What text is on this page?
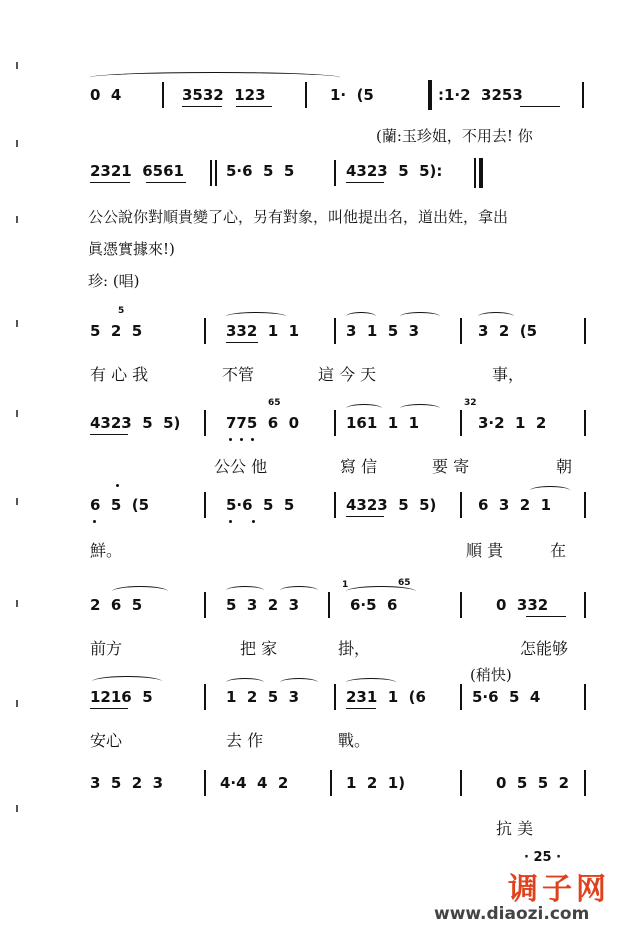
0  4	3532  123	1·  (5	:1·2  3253
(蘭:玉珍姐，不用去! 你
2321  6561	5·6  5  5	4323  5  5):
公公說你對順貴變了心，另有對象，叫他提出名，道出姓，拿出
眞憑實據來!)
珍: (唱)
5
5  2  5	332  1  1	3  1  5  3	3  2  (5
有 心 我	不管	這 今 天	事，
65	32
4323  5  5)	775  6  0	161  1  1	3·2  1  2
公公 他	寫 信	要 寄	朝
6  5  (5	5·6  5  5	4323  5  5)	6  3  2  1
鮮。	順 貴	在
2  6  5	5  3  2  3
1	65
6·5  6	0  332
前方	把 家	掛，	怎能够
(稍快)
1216  5	1  2  5  3	231  1  (6	5·6  5  4
安心	去 作	戰。
3  5  2  3	4·4  4  2	1  2  1)	0  5  5  2
抗 美
· 25 ·
调子网
www.diaozi.com
